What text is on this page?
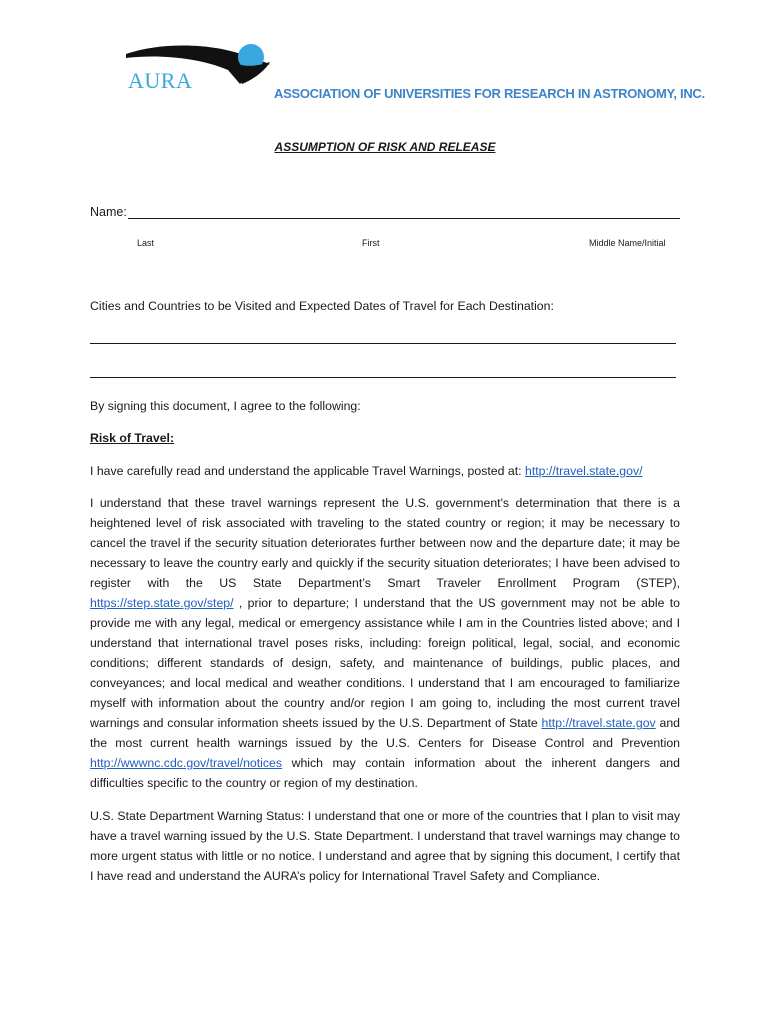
AURA
ASSOCIATION OF UNIVERSITIES FOR RESEARCH IN ASTRONOMY, INC.
ASSUMPTION OF RISK AND RELEASE
Name:
Last	First	Middle Name/Initial

Cities and Countries to be Visited and Expected Dates of Travel for Each Destination:

By signing this document, I agree to the following:

Risk of Travel:

I have carefully read and understand the applicable Travel Warnings, posted at: http://travel.state.gov/

I understand that these travel warnings represent the U.S. government's determination that there is a heightened level of risk associated with traveling to the stated country or region; it may be necessary to cancel the travel if the security situation deteriorates further between now and the departure date; it may be necessary to leave the country early and quickly if the security situation deteriorates; I have been advised to register with the US State Department’s Smart Traveler Enrollment Program (STEP), https://step.state.gov/step/ , prior to departure; I understand that the US government may not be able to provide me with any legal, medical or emergency assistance while I am in the Countries listed above; and I understand that international travel poses risks, including: foreign political, legal, social, and economic conditions; different standards of design, safety, and maintenance of buildings, public places, and conveyances; and local medical and weather conditions. I understand that I am encouraged to familiarize myself with information about the country and/or region I am going to, including the most current travel warnings and consular information sheets issued by the U.S. Department of State http://travel.state.gov and the most current health warnings issued by the U.S. Centers for Disease Control and Prevention http://wwwnc.cdc.gov/travel/notices which may contain information about the inherent dangers and difficulties specific to the country or region of my destination.

U.S. State Department Warning Status: I understand that one or more of the countries that I plan to visit may have a travel warning issued by the U.S. State Department. I understand that travel warnings may change to more urgent status with little or no notice. I understand and agree that by signing this document, I certify that I have read and understand the AURA’s policy for International Travel Safety and Compliance.
